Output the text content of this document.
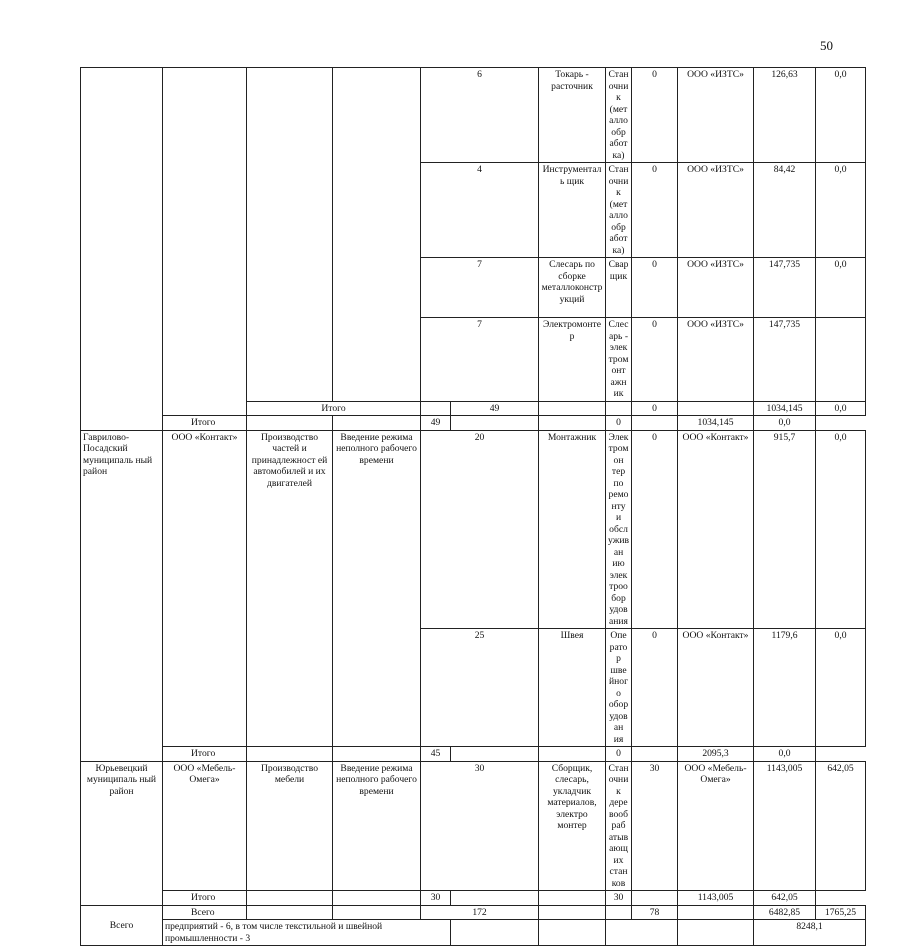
50
				6		Токарь - расточник	Станочник (металлообр аботка)	0	ООО «ИЗТС»	126,63	0,0
				4		Инструменталь щик	Станочник (металлообр аботка)	0	ООО «ИЗТС»	84,42	0,0
				7		Слесарь по сборке металлоконстр укций	Сварщик	0	ООО «ИЗТС»	147,735	0,0
				7		Электромонтер	Слесарь - электромонт ажник	0	ООО «ИЗТС»	147,735	
		Итого			49			0		1034,145	0,0
	Итого			49			0		1034,145	0,0	
Гаврилово- Посадский муниципаль ный район	ООО «Контакт»	Производство частей и принадлежност ей автомобилей и их двигателей	Введение режима неполного рабочего времени	20		Монтажник	Электромон тер по ремонту и обслуживан ию электрообор удования	0	ООО «Контакт»	915,7	0,0
				25		Швея	Оператор швейного оборудован ия	0	ООО «Контакт»	1179,6	0,0
	Итого			45			0		2095,3	0,0	
Юрьевецкий муниципаль ный район	ООО «Мебель- Омега»	Производство мебели	Введение режима неполного рабочего времени	30		Сборщик, слесарь, укладчик материалов, электро монтер	Станочник деревообраб атывающих станков	30	ООО «Мебель- Омега»	1143,005	642,05
	Итого			30			30		1143,005	642,05	
Всего	Всего			172				78		6482,85	1765,25
	предприятий - 6, в том числе текстильной и швейной промышленности - 3									8248,1	
